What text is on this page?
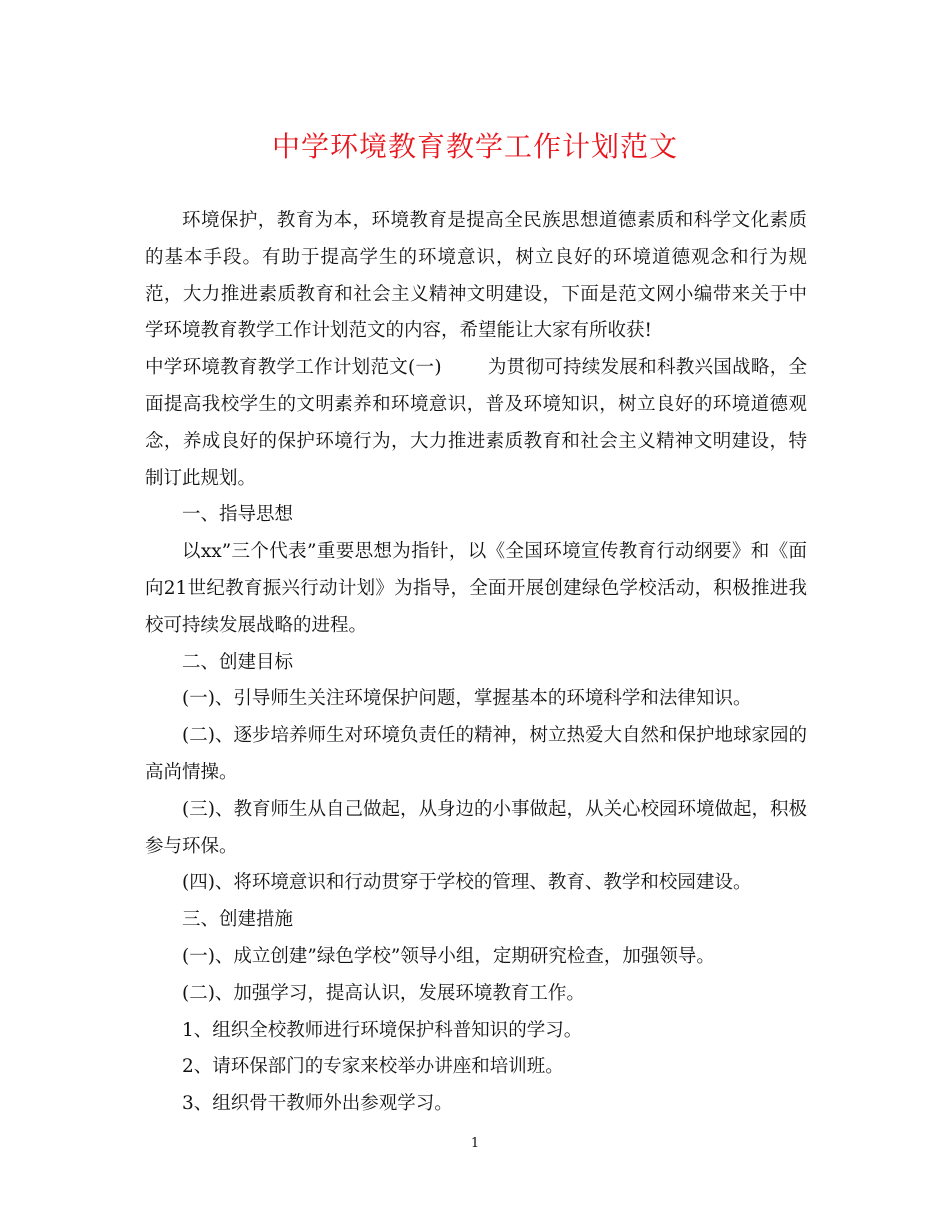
中学环境教育教学工作计划范文

环境保护，教育为本，环境教育是提高全民族思想道德素质和科学文化素质的基本手段。有助于提高学生的环境意识，树立良好的环境道德观念和行为规范，大力推进素质教育和社会主义精神文明建设，下面是范文网小编带来关于中学环境教育教学工作计划范文的内容，希望能让大家有所收获!

中学环境教育教学工作计划范文(一) 为贯彻可持续发展和科教兴国战略，全面提高我校学生的文明素养和环境意识，普及环境知识，树立良好的环境道德观念，养成良好的保护环境行为，大力推进素质教育和社会主义精神文明建设，特制订此规划。

一、指导思想

以xx”三个代表”重要思想为指针，以《全国环境宣传教育行动纲要》和《面向21世纪教育振兴行动计划》为指导，全面开展创建绿色学校活动，积极推进我校可持续发展战略的进程。

二、创建目标

(一)、引导师生关注环境保护问题，掌握基本的环境科学和法律知识。

(二)、逐步培养师生对环境负责任的精神，树立热爱大自然和保护地球家园的高尚情操。

(三)、教育师生从自己做起，从身边的小事做起，从关心校园环境做起，积极参与环保。

(四)、将环境意识和行动贯穿于学校的管理、教育、教学和校园建设。

三、创建措施

(一)、成立创建”绿色学校”领导小组，定期研究检查，加强领导。

(二)、加强学习，提高认识，发展环境教育工作。

1、组织全校教师进行环境保护科普知识的学习。

2、请环保部门的专家来校举办讲座和培训班。

3、组织骨干教师外出参观学习。

1
